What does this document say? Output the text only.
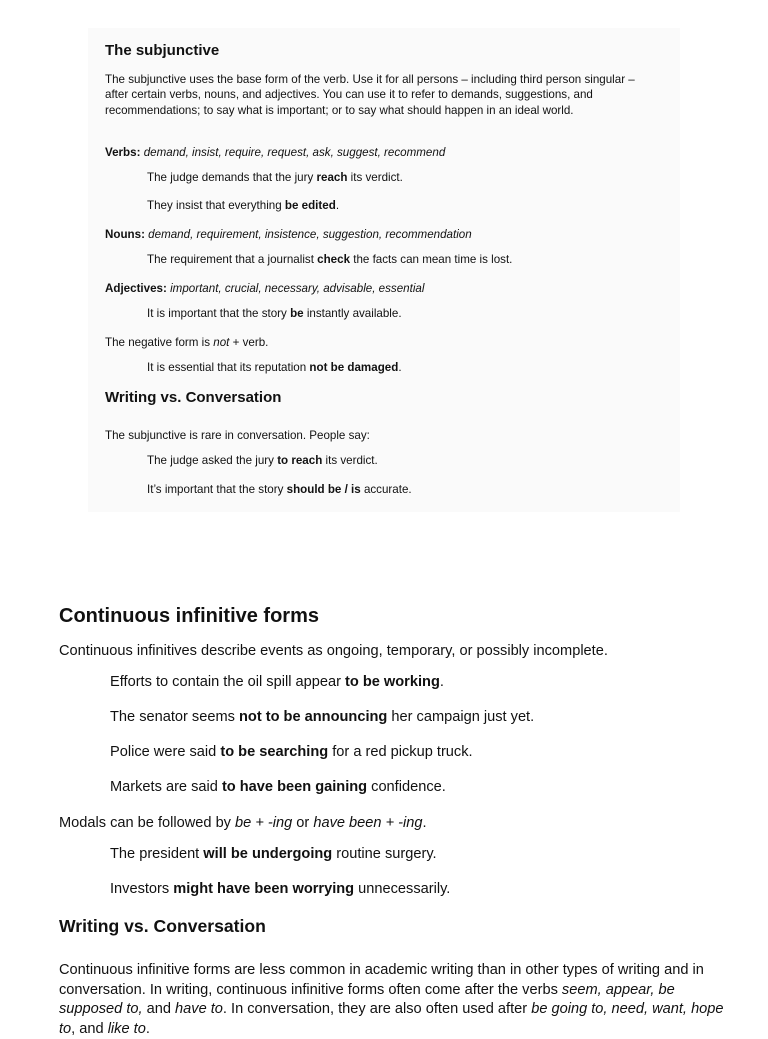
The subjunctive
The subjunctive uses the base form of the verb. Use it for all persons – including third person singular – after certain verbs, nouns, and adjectives. You can use it to refer to demands, suggestions, and recommendations; to say what is important; or to say what should happen in an ideal world.
Verbs: demand, insist, require, request, ask, suggest, recommend
The judge demands that the jury reach its verdict.
They insist that everything be edited.
Nouns: demand, requirement, insistence, suggestion, recommendation
The requirement that a journalist check the facts can mean time is lost.
Adjectives: important, crucial, necessary, advisable, essential
It is important that the story be instantly available.
The negative form is not + verb.
It is essential that its reputation not be damaged.
Writing vs. Conversation
The subjunctive is rare in conversation. People say:
The judge asked the jury to reach its verdict.
It’s important that the story should be / is accurate.
Continuous infinitive forms
Continuous infinitives describe events as ongoing, temporary, or possibly incomplete.
Efforts to contain the oil spill appear to be working.
The senator seems not to be announcing her campaign just yet.
Police were said to be searching for a red pickup truck.
Markets are said to have been gaining confidence.
Modals can be followed by be + -ing or have been + -ing.
The president will be undergoing routine surgery.
Investors might have been worrying unnecessarily.
Writing vs. Conversation
Continuous infinitive forms are less common in academic writing than in other types of writing and in conversation. In writing, continuous infinitive forms often come after the verbs seem, appear, be supposed to, and have to. In conversation, they are also often used after be going to, need, want, hope to, and like to.
